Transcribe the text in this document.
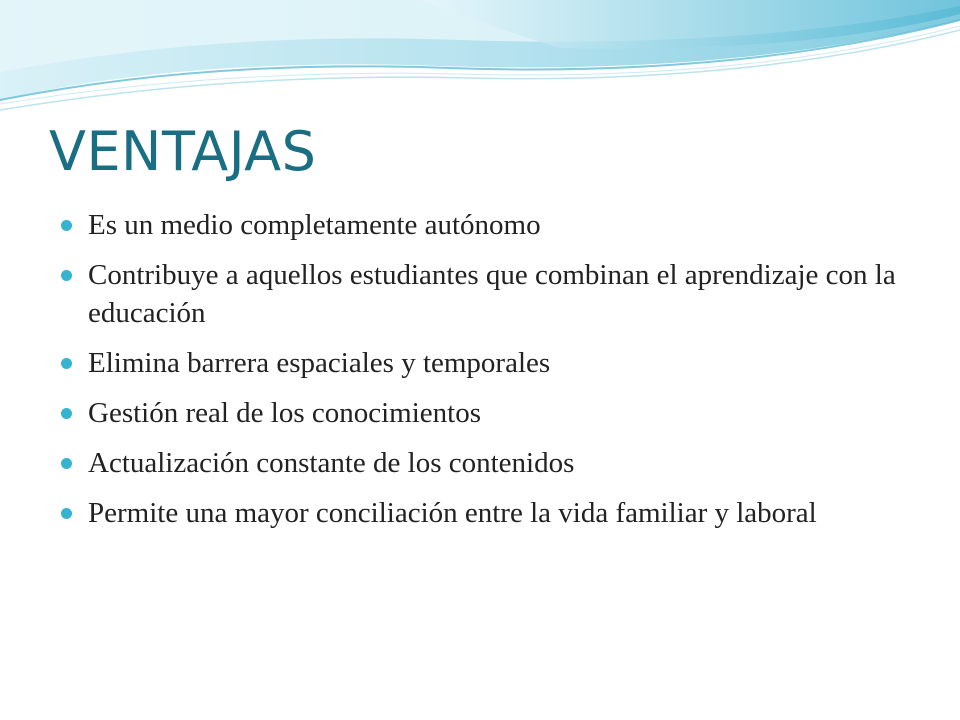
VENTAJAS
Es un medio completamente autónomo
Contribuye a aquellos estudiantes que combinan el aprendizaje con la educación
Elimina barrera espaciales y temporales
Gestión real de los conocimientos
Actualización constante de los contenidos
Permite una mayor conciliación entre la vida familiar y laboral
